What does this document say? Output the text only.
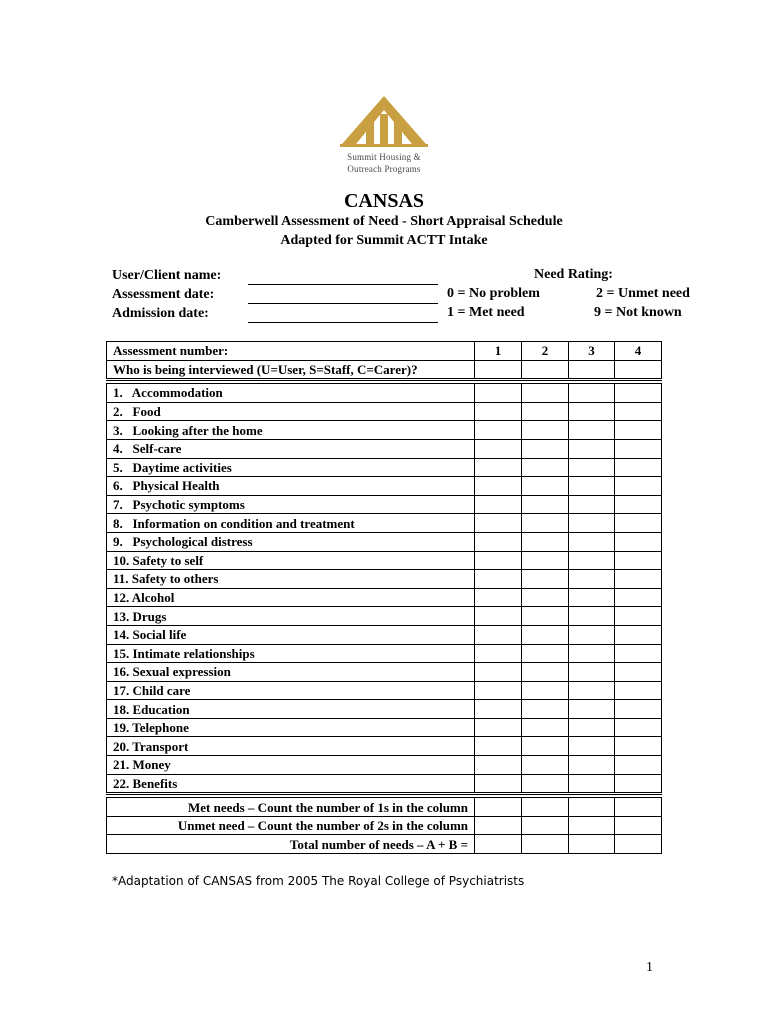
Summit Housing &
Outreach Programs
CANSAS
Camberwell Assessment of Need - Short Appraisal Schedule
Adapted for Summit ACTT Intake
User/Client name:
Assessment date:
Admission date:
Need Rating:
0 = No problem	2 = Unmet need
1 = Met need	9 = Not known
Assessment number:	1	2	3	4
Who is being interviewed (U=User, S=Staff, C=Carer)?				

1.   Accommodation				
2.   Food				
3.   Looking after the home				
4.   Self-care				
5.   Daytime activities				
6.   Physical Health				
7.   Psychotic symptoms				
8.   Information on condition and treatment				
9.   Psychological distress				
10. Safety to self				
11. Safety to others				
12. Alcohol				
13. Drugs				
14. Social life				
15. Intimate relationships				
16. Sexual expression				
17. Child care				
18. Education				
19. Telephone				
20. Transport				
21. Money				
22. Benefits				

Met needs – Count the number of 1s in the column				
Unmet need – Count the number of 2s in the column				
Total number of needs – A + B =				
*Adaptation of CANSAS from 2005 The Royal College of Psychiatrists
1
